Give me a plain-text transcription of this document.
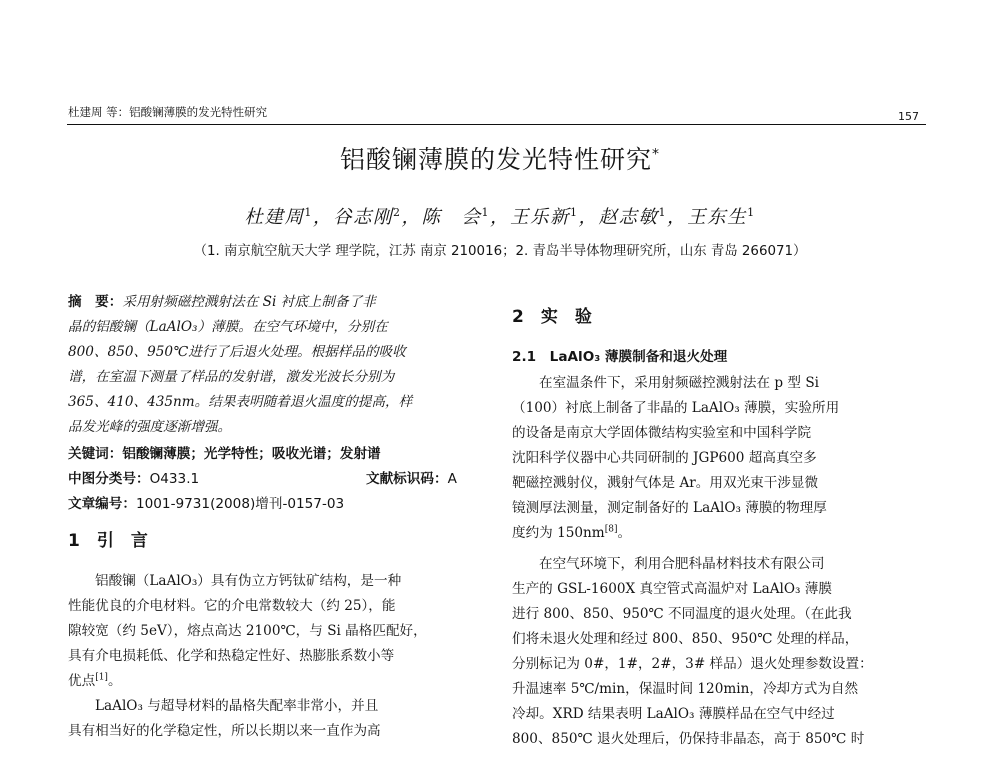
杜建周 等：铝酸镧薄膜的发光特性研究	157
铝酸镧薄膜的发光特性研究*
杜建周$^1$，谷志刚$^2$，陈　会$^1$，王乐新$^1$，赵志敏$^1$，王东生$^1$
（1. 南京航空航天大学 理学院，江苏 南京 210016；2. 青岛半导体物理研究所，山东 青岛 266071）
摘　要：采用射频磁控溅射法在 Si 衬底上制备了非
晶的铝酸镧（LaAlO₃）薄膜。在空气环境中，分别在
800、850、950℃进行了后退火处理。根据样品的吸收
谱，在室温下测量了样品的发射谱，激发光波长分别为
365、410、435nm。结果表明随着退火温度的提高，样
品发光峰的强度逐渐增强。
关键词：铝酸镧薄膜；光学特性；吸收光谱；发射谱
中图分类号：O433.1	文献标识码：A
文章编号：1001-9731(2008)增刊-0157-03
1　引　言
铝酸镧（LaAlO₃）具有伪立方钙钛矿结构，是一种
性能优良的介电材料。它的介电常数较大（约 25），能
隙较宽（约 5eV），熔点高达 2100℃，与 Si 晶格匹配好，
具有介电损耗低、化学和热稳定性好、热膨胀系数小等
优点[1]。
LaAlO₃ 与超导材料的晶格失配率非常小，并且
具有相当好的化学稳定性，所以长期以来一直作为高
2　实　验
2.1　LaAlO₃ 薄膜制备和退火处理
在室温条件下，采用射频磁控溅射法在 p 型 Si
（100）衬底上制备了非晶的 LaAlO₃ 薄膜，实验所用
的设备是南京大学固体微结构实验室和中国科学院
沈阳科学仪器中心共同研制的 JGP600 超高真空多
靶磁控溅射仪，溅射气体是 Ar。用双光束干涉显微
镜测厚法测量，测定制备好的 LaAlO₃ 薄膜的物理厚
度约为 150nm[8]。
在空气环境下，利用合肥科晶材料技术有限公司
生产的 GSL-1600X 真空管式高温炉对 LaAlO₃ 薄膜
进行 800、850、950℃ 不同温度的退火处理。（在此我
们将未退火处理和经过 800、850、950℃ 处理的样品，
分别标记为 0#，1#，2#，3# 样品）退火处理参数设置：
升温速率 5℃/min，保温时间 120min，冷却方式为自然
冷却。XRD 结果表明 LaAlO₃ 薄膜样品在空气中经过
800、850℃ 退火处理后，仍保持非晶态，高于 850℃ 时
